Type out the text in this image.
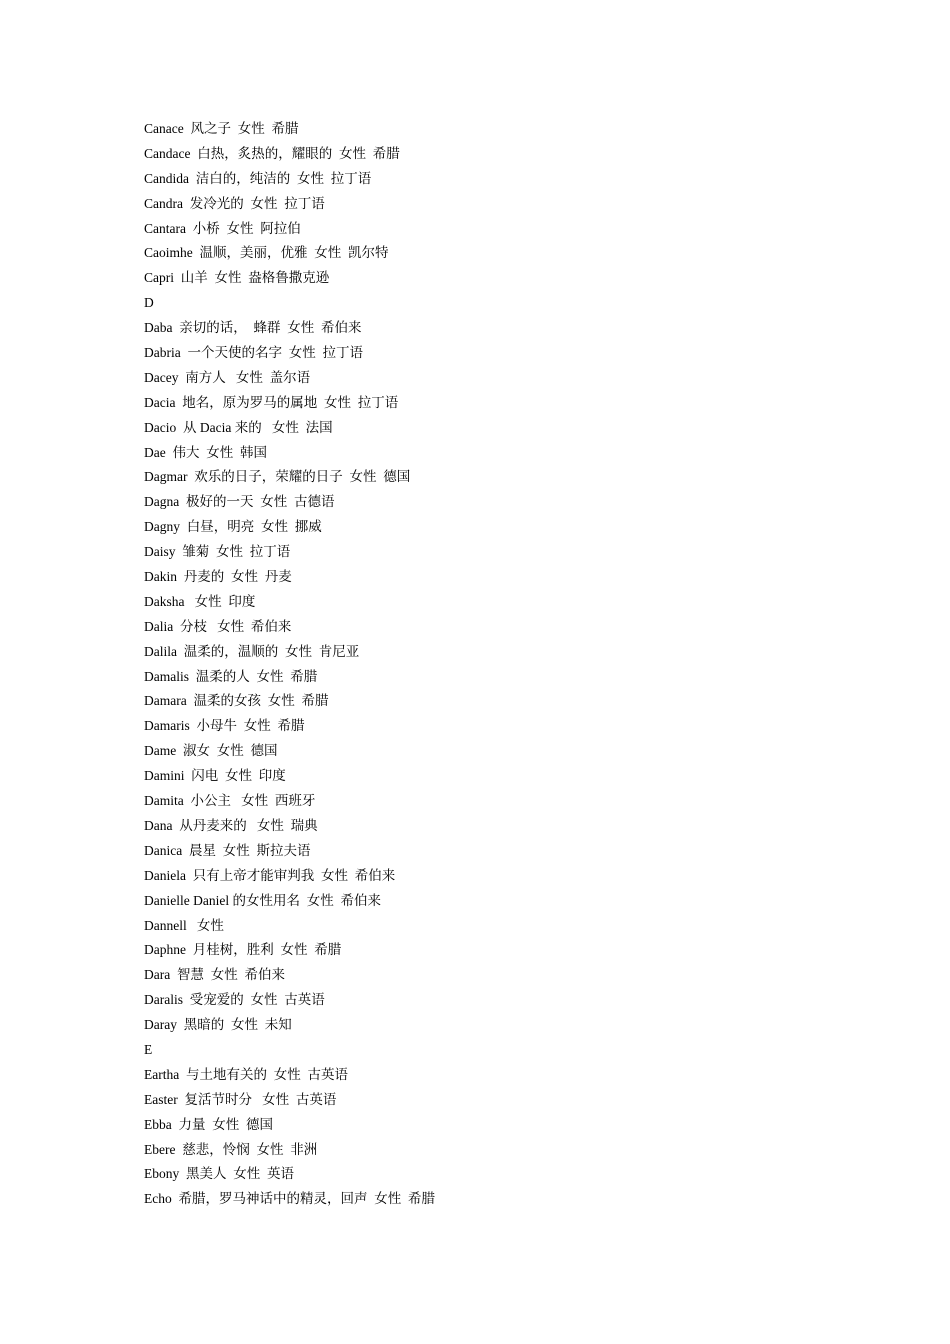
Canace  风之子  女性  希腊
Candace  白热，炙热的，耀眼的  女性  希腊
Candida  洁白的，纯洁的  女性  拉丁语
Candra  发冷光的  女性  拉丁语
Cantara  小桥  女性  阿拉伯
Caoimhe  温顺，美丽，优雅  女性  凯尔特
Capri  山羊  女性  盎格鲁撒克逊
D
Daba  亲切的话，  蜂群  女性  希伯来
Dabria  一个天使的名字  女性  拉丁语
Dacey  南方人   女性  盖尔语
Dacia  地名，原为罗马的属地  女性  拉丁语
Dacio  从 Dacia 来的   女性  法国
Dae  伟大  女性  韩国
Dagmar  欢乐的日子，荣耀的日子  女性  德国
Dagna  极好的一天  女性  古德语
Dagny  白昼，明亮  女性  挪威
Daisy  雏菊  女性  拉丁语
Dakin  丹麦的  女性  丹麦
Daksha   女性  印度
Dalia  分枝   女性  希伯来
Dalila  温柔的，温顺的  女性  肯尼亚
Damalis  温柔的人  女性  希腊
Damara  温柔的女孩  女性  希腊
Damaris  小母牛  女性  希腊
Dame  淑女  女性  德国
Damini  闪电  女性  印度
Damita  小公主   女性  西班牙
Dana  从丹麦来的   女性  瑞典
Danica  晨星  女性  斯拉夫语
Daniela  只有上帝才能审判我  女性  希伯来
Danielle Daniel 的女性用名  女性  希伯来
Dannell   女性
Daphne  月桂树，胜利  女性  希腊
Dara  智慧  女性  希伯来
Daralis  受宠爱的  女性  古英语
Daray  黑暗的  女性  未知
E
Eartha  与土地有关的  女性  古英语
Easter  复活节时分   女性  古英语
Ebba  力量  女性  德国
Ebere  慈悲，怜悯  女性  非洲
Ebony  黑美人  女性  英语
Echo  希腊，罗马神话中的精灵，回声  女性  希腊
